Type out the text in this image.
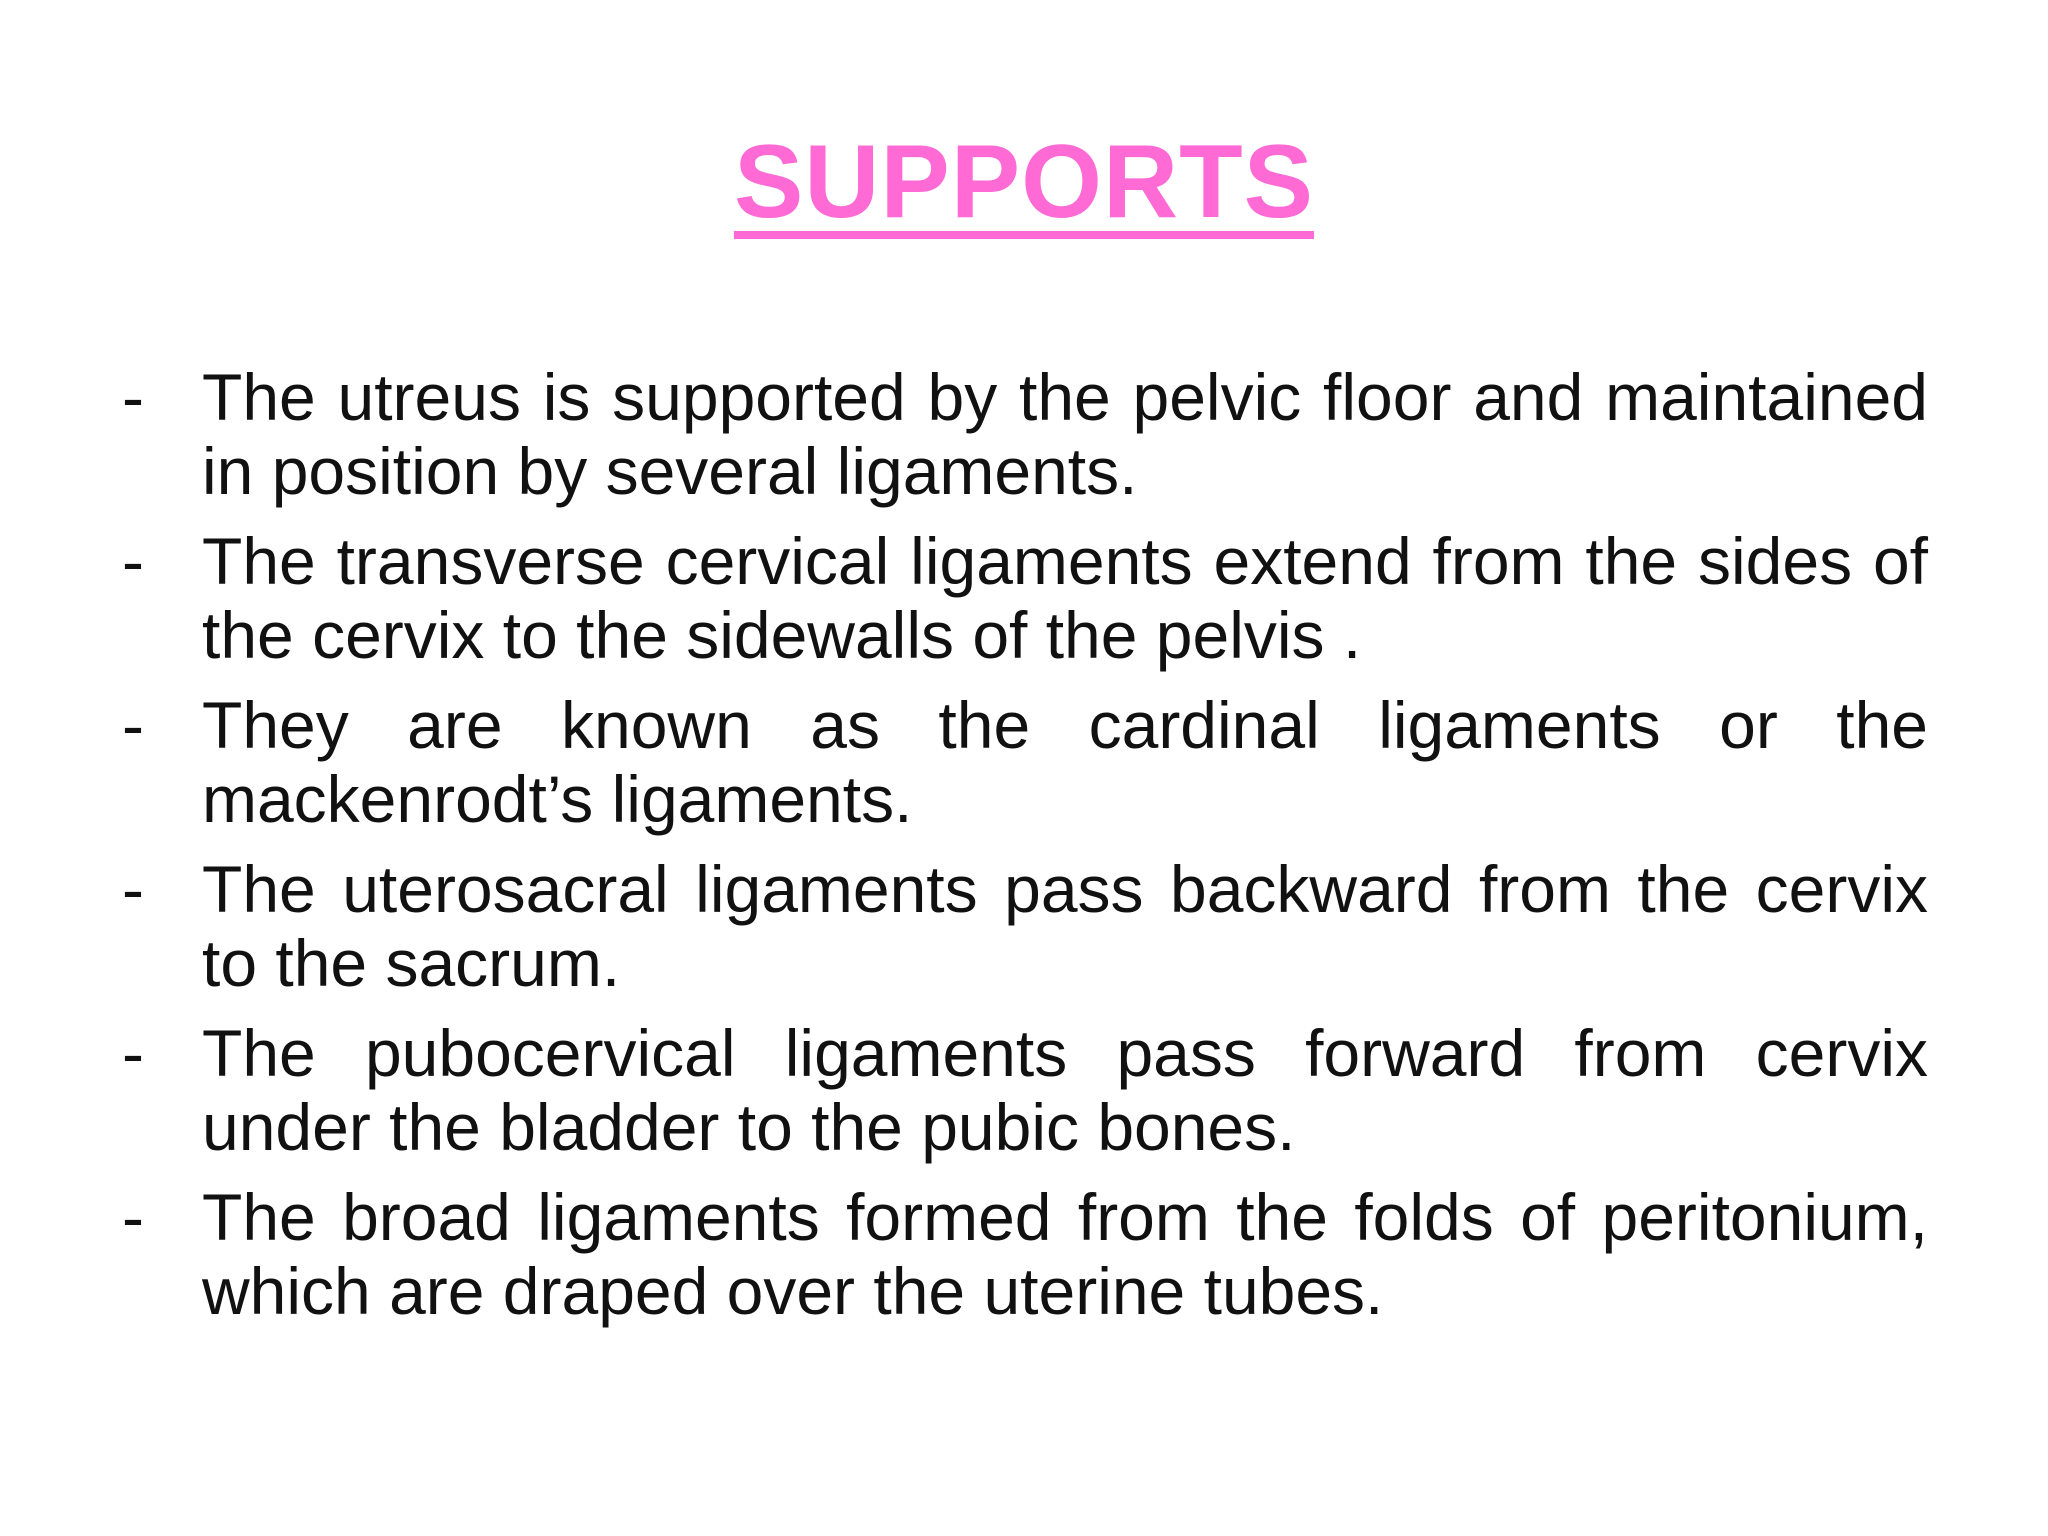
SUPPORTS
- The utreus is supported by the pelvic floor and maintained in position by several ligaments.
- The transverse cervical ligaments extend from the sides of the cervix to the sidewalls of the pelvis .
- They are known as the cardinal ligaments or the mackenrodt’s ligaments.
- The uterosacral ligaments pass backward from the cervix to the sacrum.
- The pubocervical ligaments pass forward from cervix under the bladder to the pubic bones.
- The broad ligaments formed from the folds of peritonium, which are draped over the uterine tubes.
